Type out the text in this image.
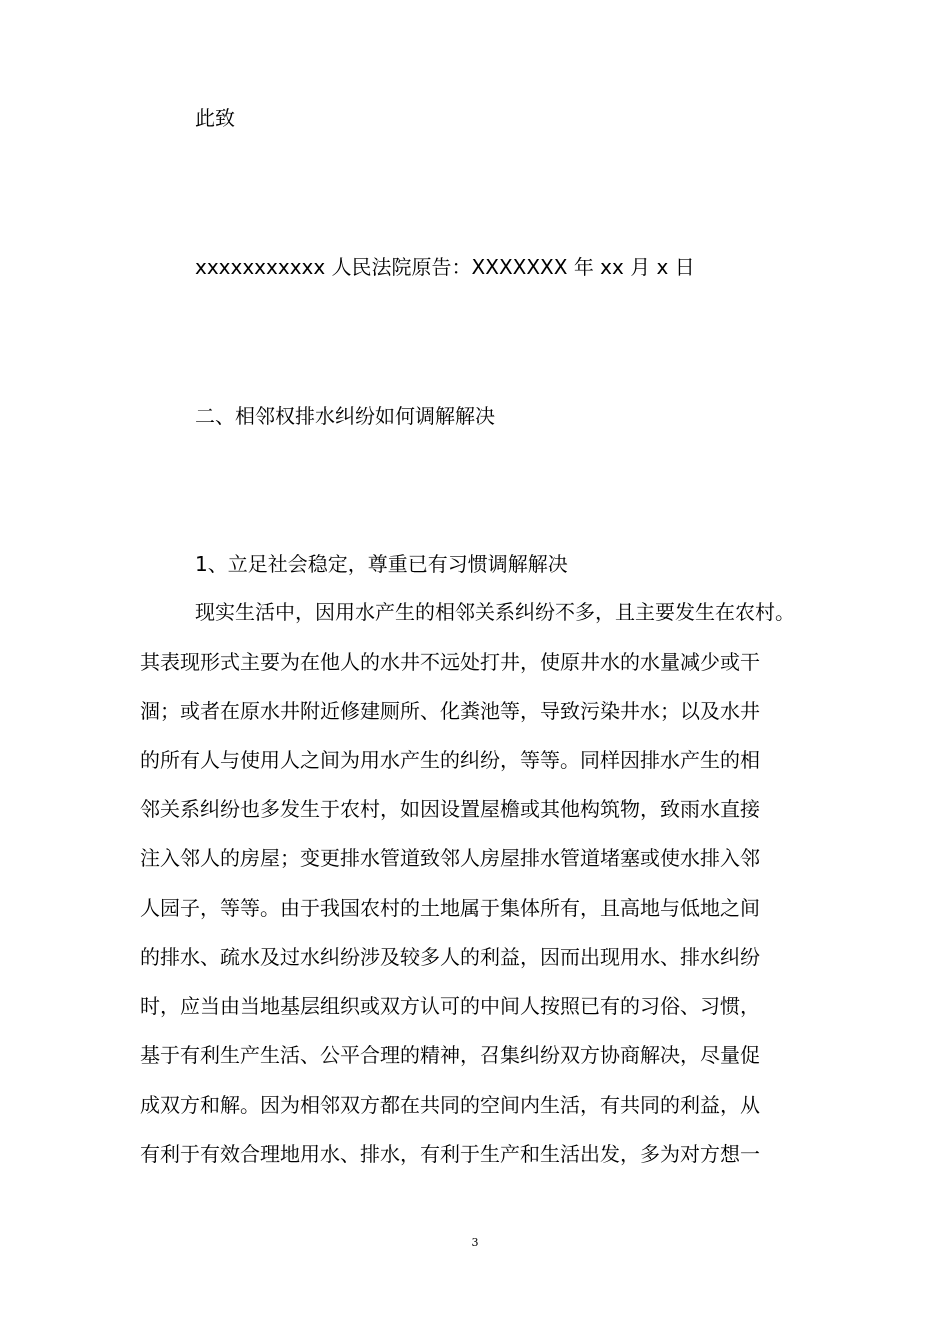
此致

xxxxxxxxxxx 人民法院原告：XXXXXXX 年 xx 月 x 日

二、相邻权排水纠纷如何调解解决

1、立足社会稳定，尊重已有习惯调解解决

现实生活中，因用水产生的相邻关系纠纷不多，且主要发生在农村。

其表现形式主要为在他人的水井不远处打井，使原井水的水量减少或干

涸；或者在原水井附近修建厕所、化粪池等，导致污染井水；以及水井

的所有人与使用人之间为用水产生的纠纷，等等。同样因排水产生的相

邻关系纠纷也多发生于农村，如因设置屋檐或其他构筑物，致雨水直接

注入邻人的房屋；变更排水管道致邻人房屋排水管道堵塞或使水排入邻

人园子，等等。由于我国农村的土地属于集体所有，且高地与低地之间

的排水、疏水及过水纠纷涉及较多人的利益，因而出现用水、排水纠纷

时，应当由当地基层组织或双方认可的中间人按照已有的习俗、习惯，

基于有利生产生活、公平合理的精神，召集纠纷双方协商解决，尽量促

成双方和解。因为相邻双方都在共同的空间内生活，有共同的利益，从

有利于有效合理地用水、排水，有利于生产和生活出发，多为对方想一

3
